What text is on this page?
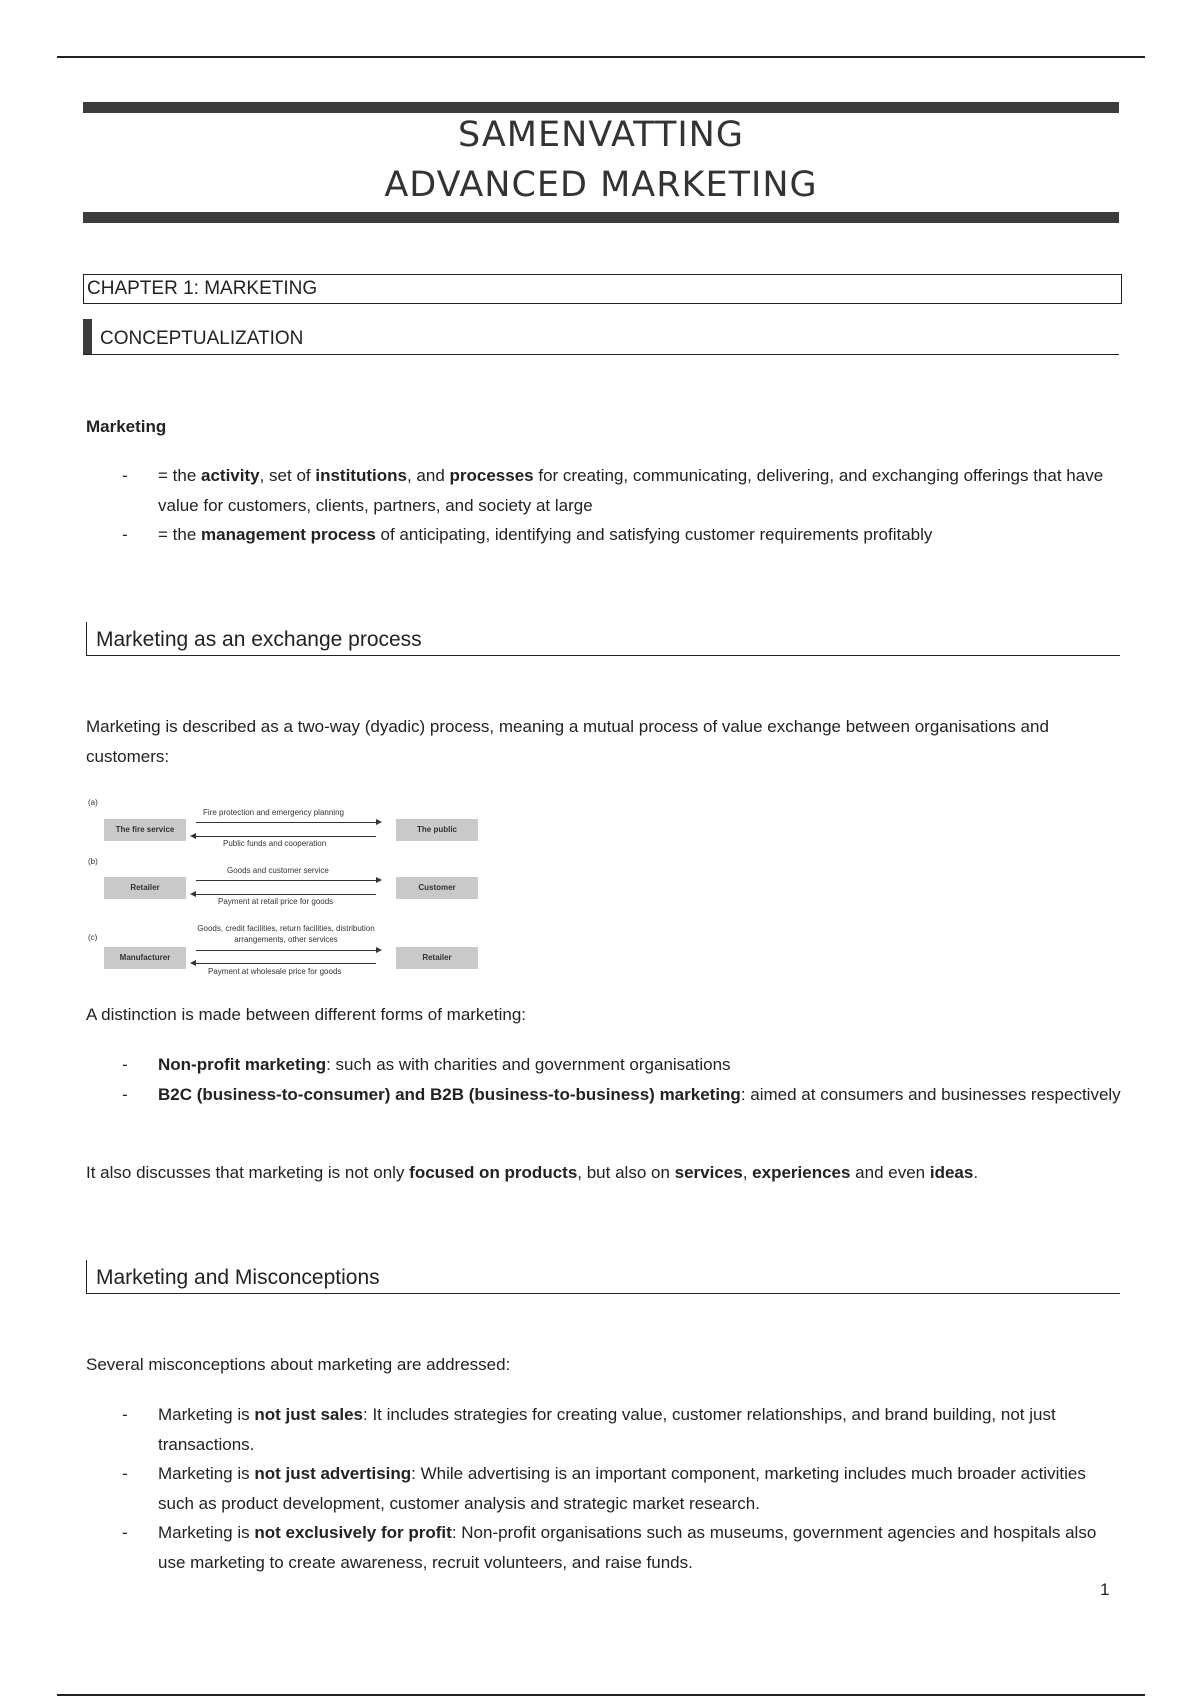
SAMENVATTING
ADVANCED MARKETING
CHAPTER 1: MARKETING
CONCEPTUALIZATION
Marketing
- = the activity, set of institutions, and processes for creating, communicating, delivering, and exchanging offerings that have value for customers, clients, partners, and society at large
- = the management process of anticipating, identifying and satisfying customer requirements profitably
Marketing as an exchange process
Marketing is described as a two-way (dyadic) process, meaning a mutual process of value exchange between organisations and customers:
(a)
Fire protection and emergency planning
The fire service	The public
Public funds and cooperation
(b)
Goods and customer service
Retailer	Customer
Payment at retail price for goods
(c)
Goods, credit facilities, return facilities, distribution arrangements, other services
Manufacturer	Retailer
Payment at wholesale price for goods
A distinction is made between different forms of marketing:
- Non-profit marketing: such as with charities and government organisations
- B2C (business-to-consumer) and B2B (business-to-business) marketing: aimed at consumers and businesses respectively
It also discusses that marketing is not only focused on products, but also on services, experiences and even ideas.
Marketing and Misconceptions
Several misconceptions about marketing are addressed:
- Marketing is not just sales: It includes strategies for creating value, customer relationships, and brand building, not just transactions.
- Marketing is not just advertising: While advertising is an important component, marketing includes much broader activities such as product development, customer analysis and strategic market research.
- Marketing is not exclusively for profit: Non-profit organisations such as museums, government agencies and hospitals also use marketing to create awareness, recruit volunteers, and raise funds.
1
